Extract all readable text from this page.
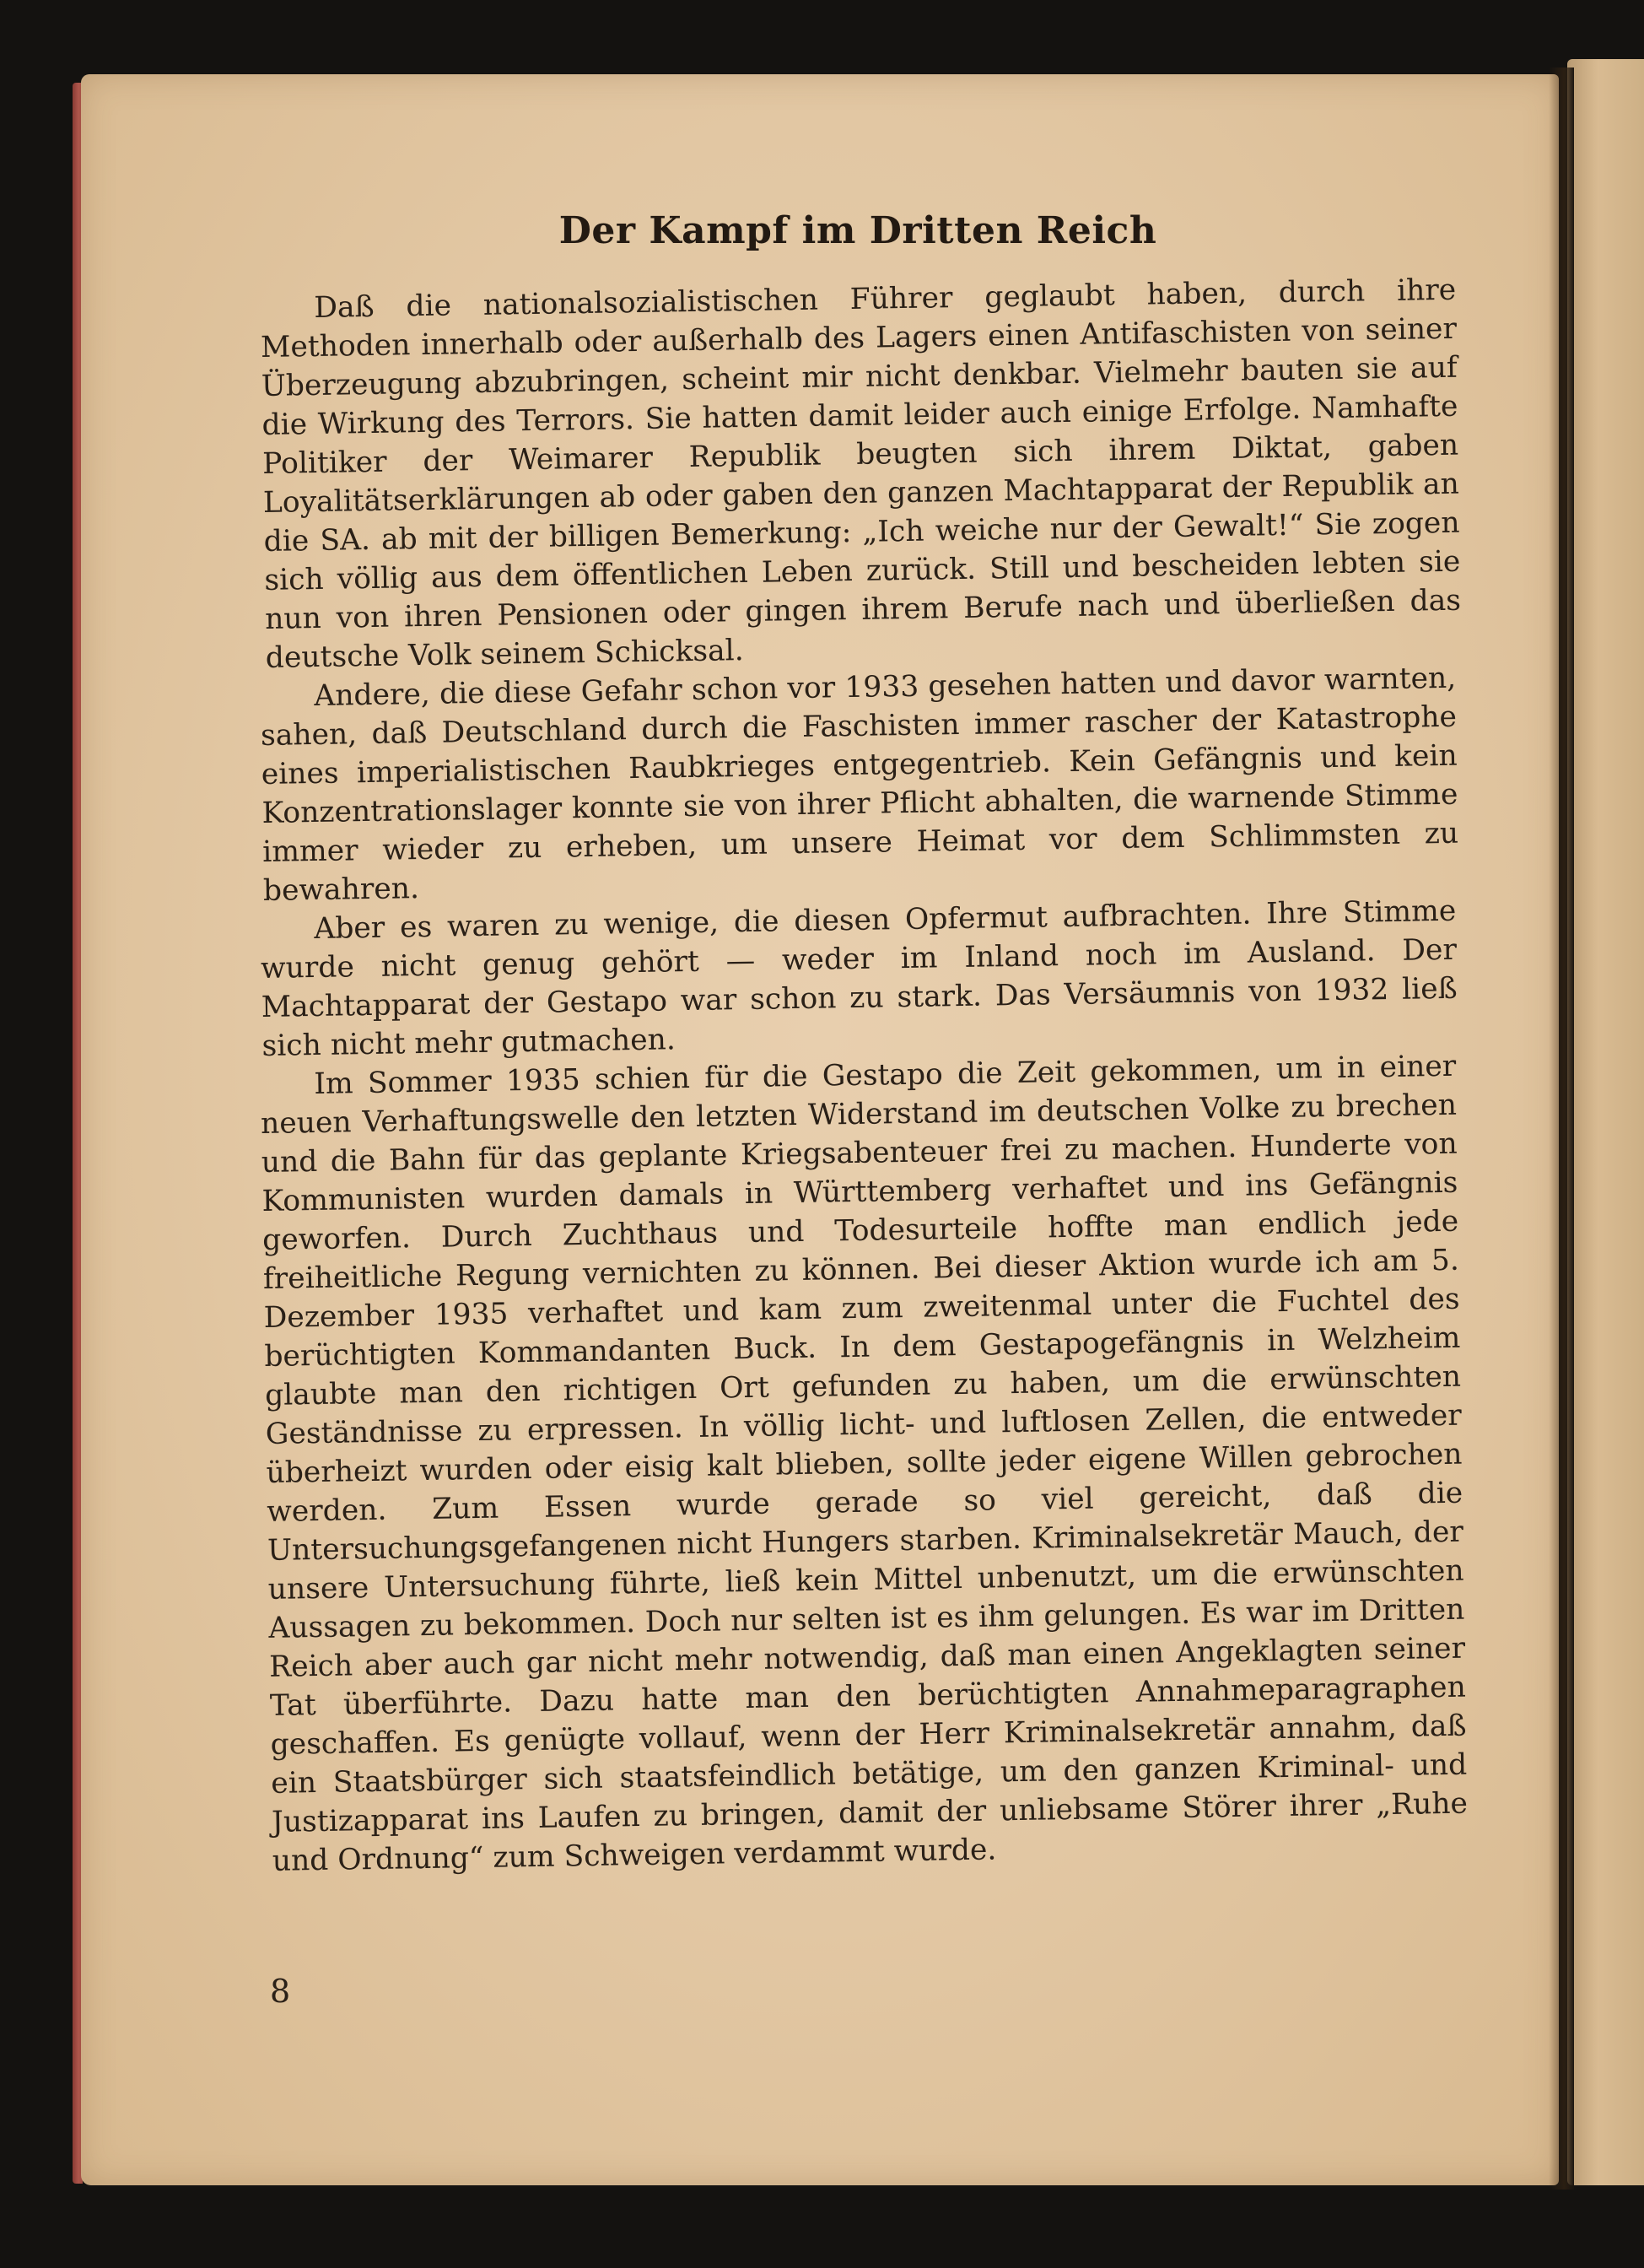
Der Kampf im Dritten Reich

Daß die nationalsozialistischen Führer geglaubt haben, durch ihre Methoden innerhalb oder außerhalb des Lagers einen Antifaschisten von seiner Überzeugung abzubringen, scheint mir nicht denkbar. Vielmehr bauten sie auf die Wirkung des Terrors. Sie hatten damit leider auch einige Erfolge. Namhafte Politiker der Weimarer Republik beugten sich ihrem Diktat, gaben Loyalitätserklärungen ab oder gaben den ganzen Machtapparat der Republik an die SA. ab mit der billigen Bemerkung: „Ich weiche nur der Gewalt!“ Sie zogen sich völlig aus dem öffentlichen Leben zurück. Still und bescheiden lebten sie nun von ihren Pensionen oder gingen ihrem Berufe nach und überließen das deutsche Volk seinem Schicksal.

Andere, die diese Gefahr schon vor 1933 gesehen hatten und davor warnten, sahen, daß Deutschland durch die Faschisten immer rascher der Katastrophe eines imperialistischen Raubkrieges entgegentrieb. Kein Gefängnis und kein Konzentrationslager konnte sie von ihrer Pflicht abhalten, die warnende Stimme immer wieder zu erheben, um unsere Heimat vor dem Schlimmsten zu bewahren.

Aber es waren zu wenige, die diesen Opfermut aufbrachten. Ihre Stimme wurde nicht genug gehört — weder im Inland noch im Ausland. Der Machtapparat der Gestapo war schon zu stark. Das Versäumnis von 1932 ließ sich nicht mehr gutmachen.

Im Sommer 1935 schien für die Gestapo die Zeit gekommen, um in einer neuen Verhaftungswelle den letzten Widerstand im deutschen Volke zu brechen und die Bahn für das geplante Kriegsabenteuer frei zu machen. Hunderte von Kommunisten wurden damals in Württemberg verhaftet und ins Gefängnis geworfen. Durch Zuchthaus und Todesurteile hoffte man endlich jede freiheitliche Regung vernichten zu können. Bei dieser Aktion wurde ich am 5. Dezember 1935 verhaftet und kam zum zweitenmal unter die Fuchtel des berüchtigten Kommandanten Buck. In dem Gestapogefängnis in Welzheim glaubte man den richtigen Ort gefunden zu haben, um die erwünschten Geständnisse zu erpressen. In völlig licht- und luftlosen Zellen, die entweder überheizt wurden oder eisig kalt blieben, sollte jeder eigene Willen gebrochen werden. Zum Essen wurde gerade so viel gereicht, daß die Untersuchungsgefangenen nicht Hungers starben. Kriminalsekretär Mauch, der unsere Untersuchung führte, ließ kein Mittel unbenutzt, um die erwünschten Aussagen zu bekommen. Doch nur selten ist es ihm gelungen. Es war im Dritten Reich aber auch gar nicht mehr notwendig, daß man einen Angeklagten seiner Tat überführte. Dazu hatte man den berüchtigten Annahmeparagraphen geschaffen. Es genügte vollauf, wenn der Herr Kriminalsekretär annahm, daß ein Staatsbürger sich staatsfeindlich betätige, um den ganzen Kriminal- und Justizapparat ins Laufen zu bringen, damit der unliebsame Störer ihrer „Ruhe und Ordnung“ zum Schweigen verdammt wurde.

8
